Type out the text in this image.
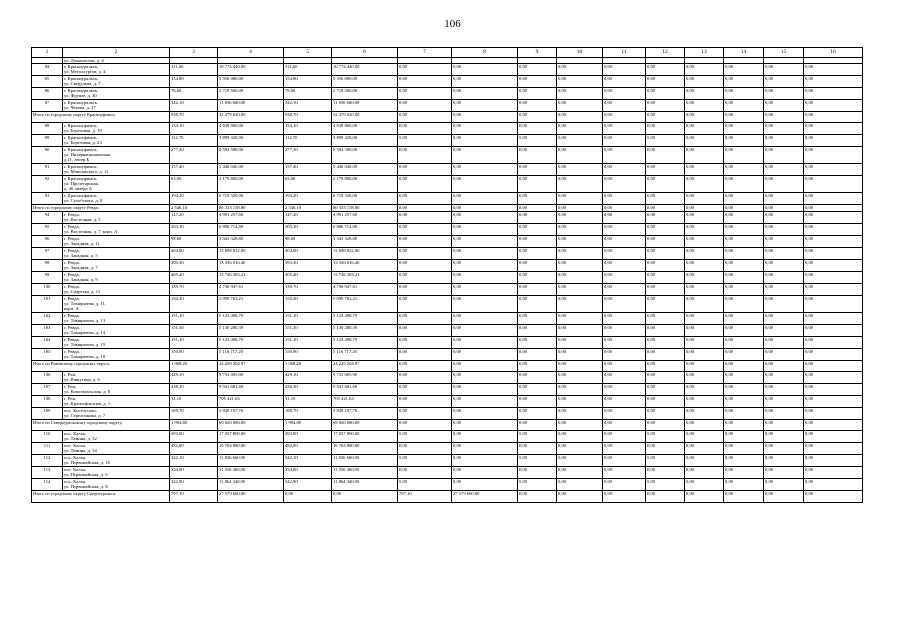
106
1	2	3	4	5	6	7	8	9	10	11	12	13	14	15	16
	ул. Домоносова, д. 6														
84	г. Красноуральск,
ул. Металлургов, д. 4	311,60	10 774 440,00	311,60	10 774 440,00	0,00	0,00	0,00	0,00	0,00	0,00	0,00	0,00	0,00	0,00
85	г. Красноуральск,
ул. Свердлова, д. 7	154,80	5 356 080,00	154,80	5 356 080,00	0,00	0,00	0,00	0,00	0,00	0,00	0,00	0,00	0,00	0,00
86	г. Красноуральск,
ул. Фрунзе, д. 30	78,60	2 719 560,00	78,60	2 719 560,00	0,00	0,00	0,00	0,00	0,00	0,00	0,00	0,00	0,00	0,00
87	г. Красноуральск,
ул. Чехова, д. 27	342,10	11 836 660,00	342,10	11 836 660,00	0,00	0,00	0,00	0,00	0,00	0,00	0,00	0,00	0,00	0,00
Итого по городскому округу Красноуфимск:		938,70	32 479 020,00	938,70	32 479 020,00	0,00	0,00	0,00	0,00	0,00	0,00	0,00	0,00	0,00	0,00
88	г. Красноуфимск,
ул. Березовая, д. 19	134,10	4 639 860,00	134,10	4 639 860,00	0,00	0,00	0,00	0,00	0,00	0,00	0,00	0,00	0,00	0,00
89	г. Красноуфимск,
ул. Березовая, д. 23	112,70	3 899 420,00	112,70	3 899 420,00	0,00	0,00	0,00	0,00	0,00	0,00	0,00	0,00	0,00	0,00
90	г. Красноуфимск,
ул. Интернациональная,
д.11, литер Б	277,30	9 594 580,00	277,30	9 594 580,00	0,00	0,00	0,00	0,00	0,00	0,00	0,00	0,00	0,00	0,00
91	г. Красноуфимск,
ул. Манчажского, д. 11	157,40	5 446 040,00	157,40	5 446 040,00	0,00	0,00	0,00	0,00	0,00	0,00	0,00	0,00	0,00	0,00
92	г. Красноуфимск,
ул. Пролетарская,
д. 46 литера А	63,00	2 179 800,00	63,00	2 179 800,00	0,00	0,00	0,00	0,00	0,00	0,00	0,00	0,00	0,00	0,00
93	г. Красноуфимск,
ул. Сухобского, д. 8	194,20	6 719 320,00	194,20	6 719 320,00	0,00	0,00	0,00	0,00	0,00	0,00	0,00	0,00	0,00	0,00
Итого по городскому округу Ревда:		2 546,10	86 333 158,80	2 546,10	86 333 158,80	0,00	0,00	0,00	0,00	0,00	0,00	0,00	0,00	0,00	0,00
94	г. Ревда,
ул. Восточная, д. 7	147,20	4 991 257,60	147,20	4 991 257,60	0,00	0,00	0,00	0,00	0,00	0,00	0,00	0,00	0,00	0,00
95	г. Ревда,
ул. Восточная, д. 7, корп. А	203,10	6 886 714,80	203,10	6 886 714,80	0,00	0,00	0,00	0,00	0,00	0,00	0,00	0,00	0,00	0,00
96	г. Ревда,
ул. Западная, д. 11	98,60	3 343 328,80	98,60	3 343 328,80	0,00	0,00	0,00	0,00	0,00	0,00	0,00	0,00	0,00	0,00
97	г. Ревда,
ул. Западная, д. 5	404,00	13 698 832,00	404,00	13 698 832,00	0,00	0,00	0,00	0,00	0,00	0,00	0,00	0,00	0,00	0,00
98	г. Ревда,
ул. Западная, д. 7	393,30	13 336 016,40	393,30	13 336 016,40	0,00	0,00	0,00	0,00	0,00	0,00	0,00	0,00	0,00	0,00
99	г. Ревда,
ул. Западная, д. 9	405,40	13 746 303,21	405,40	13 746 303,21	0,00	0,00	0,00	0,00	0,00	0,00	0,00	0,00	0,00	0,00
100	г. Ревда,
ул. Спартака, д. 11	139,70	4 736 947,61	139,70	4 736 947,61	0,00	0,00	0,00	0,00	0,00	0,00	0,00	0,00	0,00	0,00
101	г. Ревда,
ул. Тимирязева, д. 11,
корп. А	150,40	5 099 763,21	150,40	5 099 763,21	0,00	0,00	0,00	0,00	0,00	0,00	0,00	0,00	0,00	0,00
102	г. Ревда,
ул. Тимирязева, д. 13	151,10	5 123 498,79	151,10	5 123 498,79	0,00	0,00	0,00	0,00	0,00	0,00	0,00	0,00	0,00	0,00
103	г. Ревда,
ул. Тимирязева, д. 14	151,30	5 130 280,39	151,30	5 130 280,39	0,00	0,00	0,00	0,00	0,00	0,00	0,00	0,00	0,00	0,00
104	г. Ревда,
ул. Тимирязева, д. 15	151,10	5 123 498,79	151,10	5 123 498,79	0,00	0,00	0,00	0,00	0,00	0,00	0,00	0,00	0,00	0,00
105	г. Ревда,
ул. Тимирязева, д. 18	150,90	5 116 717,20	150,90	5 116 717,20	0,00	0,00	0,00	0,00	0,00	0,00	0,00	0,00	0,00	0,00
Итого по Режевскому городскому округу:		1 068,20	24 229 204,97	1 068,20	24 229 204,97	0,00	0,00	0,00	0,00	0,00	0,00	0,00	0,00	0,00	0,00
106	г. Реж,
ул. Вашутина, д. 6	429,10	9 733 005,90	429,10	9 733 005,90	0,00	0,00	0,00	0,00	0,00	0,00	0,00	0,00	0,00	0,00
107	г. Реж,
ул. Комсомольская, д. 8	438,30	9 941 681,68	438,30	9 941 681,68	0,00	0,00	0,00	0,00	0,00	0,00	0,00	0,00	0,00	0,00
108	г. Реж,
ул. Краснофлотцев, д. 1	31,10	705 421,63	31,10	705 421,63	0,00	0,00	0,00	0,00	0,00	0,00	0,00	0,00	0,00	0,00
109	пос. Костоусово,
ул. Стрелочника, д. 7	169,70	3 849 197,76	169,70	3 849 197,76	0,00	0,00	0,00	0,00	0,00	0,00	0,00	0,00	0,00	0,00
Итого по Североуральскому городскому округу:		1 994,80	69 020 080,00	1 994,80	69 020 080,00	0,00	0,00	0,00	0,00	0,00	0,00	0,00	0,00	0,00	0,00
110	пос. Калья,
ул. Ленина, д. 32	493,00	17 057 800,00	493,00	17 057 800,00	0,00	0,00	0,00	0,00	0,00	0,00	0,00	0,00	0,00	0,00
111	пос. Калья,
ул. Ленина, д. 34	482,80	16 704 880,00	482,80	16 704 880,00	0,00	0,00	0,00	0,00	0,00	0,00	0,00	0,00	0,00	0,00
112	пос. Калья,
ул. Первомайская, д. 10	342,10	11 836 660,00	342,10	11 836 660,00	0,00	0,00	0,00	0,00	0,00	0,00	0,00	0,00	0,00	0,00
113	пос. Калья,
ул. Первомайская, д. 6	334,00	11 556 400,00	334,00	11 556 400,00	0,00	0,00	0,00	0,00	0,00	0,00	0,00	0,00	0,00	0,00
114	пос. Калья,
ул. Первомайская, д. 8	342,90	11 864 340,00	342,90	11 864 340,00	0,00	0,00	0,00	0,00	0,00	0,00	0,00	0,00	0,00	0,00
Итого по городскому округу Среднеуральск:		797,10	27 579 660,00	0,00	0,00	797,10	27 579 660,00	0,00	0,00	0,00	0,00	0,00	0,00	0,00	0,00
